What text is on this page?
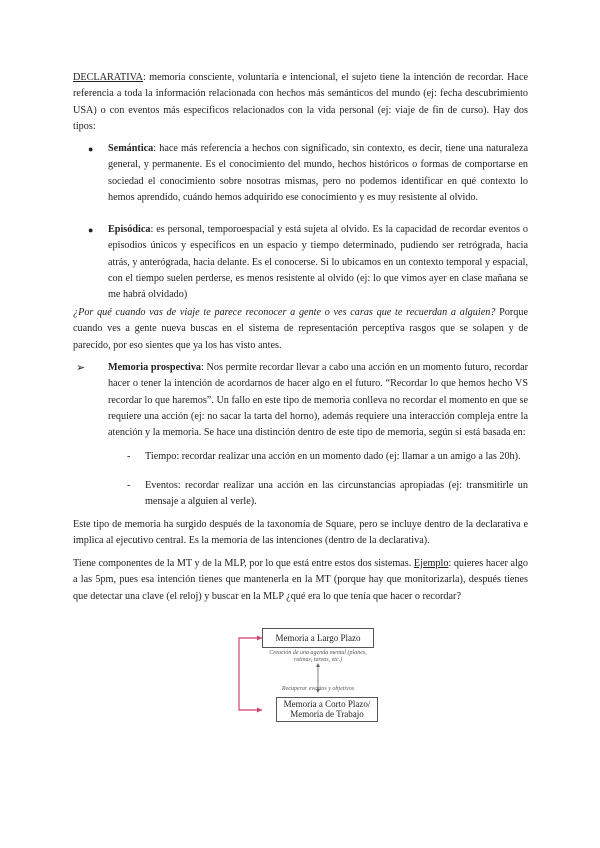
DECLARATIVA: memoria consciente, voluntaria e intencional, el sujeto tiene la intención de recordar. Hace referencia a toda la información relacionada con hechos más semánticos del mundo (ej: fecha descubrimiento USA) o con eventos más específicos relacionados con la vida personal (ej: viaje de fin de curso). Hay dos tipos:

● Semántica: hace más referencia a hechos con significado, sin contexto, es decir, tiene una naturaleza general, y permanente. Es el conocimiento del mundo, hechos históricos o formas de comportarse en sociedad el conocimiento sobre nosotras mismas, pero no podemos identificar en qué contexto lo hemos aprendido, cuándo hemos adquirido ese conocimiento y es muy resistente al olvido.
● Episódica: es personal, temporoespacial y está sujeta al olvido. Es la capacidad de recordar eventos o episodios únicos y específicos en un espacio y tiempo determinado, pudiendo ser retrógrada, hacia atrás, y anterógrada, hacia delante. Es el conocerse. Si lo ubicamos en un contexto temporal y espacial, con el tiempo suelen perderse, es menos resistente al olvido (ej: lo que vimos ayer en clase mañana se me habrá olvidado)

¿Por qué cuando vas de viaje te parece reconocer a gente o ves caras que te recuerdan a alguien? Porque cuando ves a gente nueva buscas en el sistema de representación perceptiva rasgos que se solapen y de parecido, por eso sientes que ya los has visto antes.

➢ Memoria prospectiva: Nos permite recordar llevar a cabo una acción en un momento futuro, recordar hacer o tener la intención de acordarnos de hacer algo en el futuro. “Recordar lo que hemos hecho VS recordar lo que haremos”. Un fallo en este tipo de memoria conlleva no recordar el momento en que se requiere una acción (ej: no sacar la tarta del horno), además requiere una interacción compleja entre la atención y la memoria. Se hace una distinción dentro de este tipo de memoria, según si está basada en:
- Tiempo: recordar realizar una acción en un momento dado (ej: llamar a un amigo a las 20h).
- Eventos: recordar realizar una acción en las circunstancias apropiadas (ej: transmitirle un mensaje a alguien al verle).

Este tipo de memoria ha surgido después de la taxonomía de Square, pero se incluye dentro de la declarativa e implica al ejecutivo central. Es la memoria de las intenciones (dentro de la declarativa).

Tiene componentes de la MT y de la MLP, por lo que está entre estos dos sistemas. Ejemplo: quieres hacer algo a las 5pm, pues esa intención tienes que mantenerla en la MT (porque hay que monitorizarla), después tienes que detectar una clave (el reloj) y buscar en la MLP ¿qué era lo que tenía que hacer o recordar?

Memoria a Largo Plazo
Creación de una agenda mental (planes, rutinas, tareas, etc.)
Recuperar eventos y objetivos
Memoria a Corto Plazo/ Memoria de Trabajo
